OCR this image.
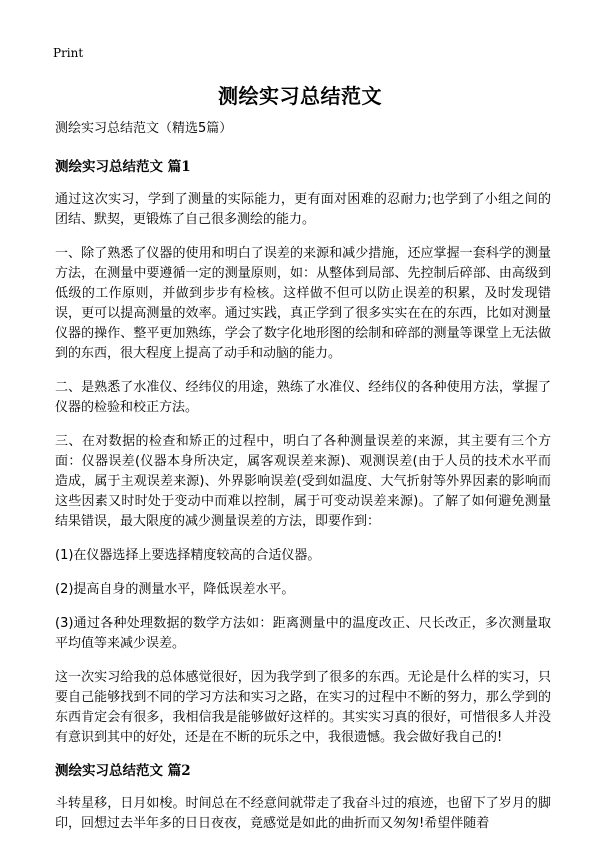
Print
测绘实习总结范文
测绘实习总结范文（精选5篇）
测绘实习总结范文 篇1

通过这次实习，学到了测量的实际能力，更有面对困难的忍耐力;也学到了小组之间的团结、默契，更锻炼了自己很多测绘的能力。

一、除了熟悉了仪器的使用和明白了误差的来源和减少措施，还应掌握一套科学的测量方法，在测量中要遵循一定的测量原则，如：从整体到局部、先控制后碎部、由高级到低级的工作原则，并做到步步有检核。这样做不但可以防止误差的积累，及时发现错误，更可以提高测量的效率。通过实践，真正学到了很多实实在在的东西，比如对测量仪器的操作、整平更加熟练，学会了数字化地形图的绘制和碎部的测量等课堂上无法做到的东西，很大程度上提高了动手和动脑的能力。

二、是熟悉了水准仪、经纬仪的用途，熟练了水准仪、经纬仪的各种使用方法，掌握了仪器的检验和校正方法。

三、在对数据的检查和矫正的过程中，明白了各种测量误差的来源，其主要有三个方面：仪器误差(仪器本身所决定，属客观误差来源)、观测误差(由于人员的技术水平而造成，属于主观误差来源)、外界影响误差(受到如温度、大气折射等外界因素的影响而这些因素又时时处于变动中而难以控制，属于可变动误差来源)。了解了如何避免测量结果错误，最大限度的减少测量误差的方法，即要作到：

(1)在仪器选择上要选择精度较高的合适仪器。

(2)提高自身的测量水平，降低误差水平。

(3)通过各种处理数据的数学方法如：距离测量中的温度改正、尺长改正，多次测量取平均值等来减少误差。

这一次实习给我的总体感觉很好，因为我学到了很多的东西。无论是什么样的实习，只要自己能够找到不同的学习方法和实习之路，在实习的过程中不断的努力，那么学到的东西肯定会有很多，我相信我是能够做好这样的。其实实习真的很好，可惜很多人并没有意识到其中的好处，还是在不断的玩乐之中，我很遗憾。我会做好我自己的!

测绘实习总结范文 篇2

斗转星移，日月如梭。时间总在不经意间就带走了我奋斗过的痕迹，也留下了岁月的脚印，回想过去半年多的日日夜夜，竟感觉是如此的曲折而又匆匆!希望伴随着
